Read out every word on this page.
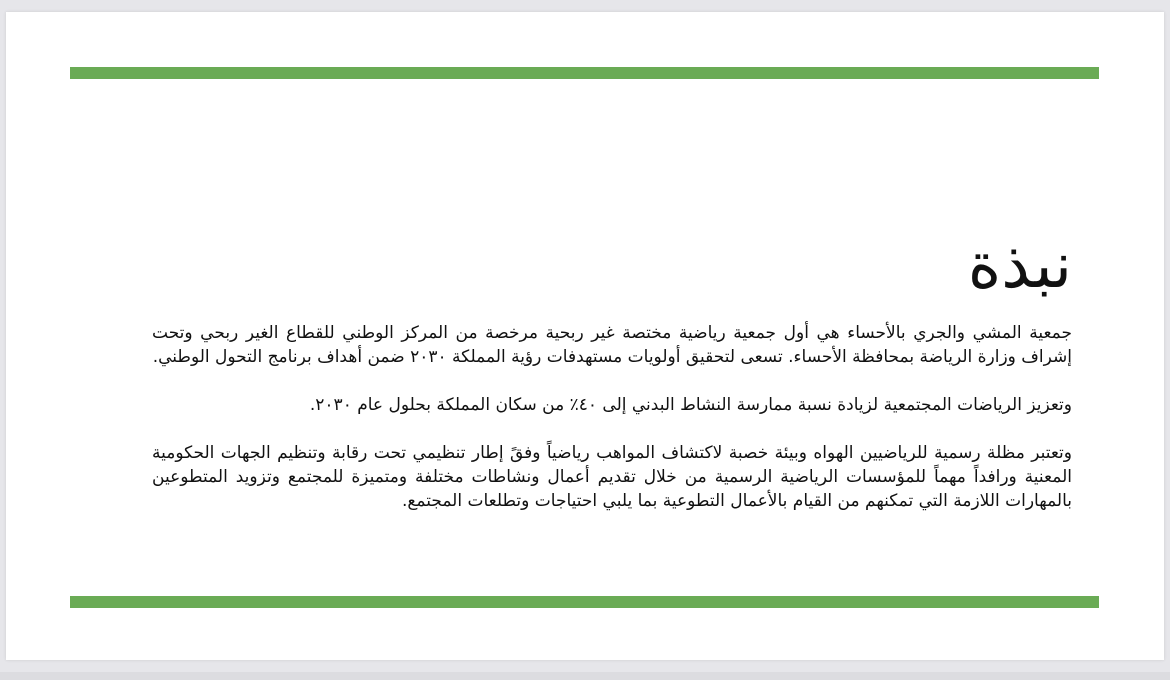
نبذة

جمعية المشي والجري بالأحساء هي أول جمعية رياضية مختصة غير ربحية مرخصة من المركز الوطني للقطاع الغير ربحي وتحت إشراف وزارة الرياضة بمحافظة الأحساء. تسعى لتحقيق أولويات مستهدفات رؤية المملكة ٢٠٣٠ ضمن أهداف برنامج التحول الوطني.

وتعزيز الرياضات المجتمعية لزيادة نسبة ممارسة النشاط البدني إلى ٤٠٪ من سكان المملكة بحلول عام ٢٠٣٠.

وتعتبر مظلة رسمية للرياضيين الهواه وبيئة خصبة لاكتشاف المواهب رياضياً وفقً إطار تنظيمي تحت رقابة وتنظيم الجهات الحكومية المعنية ورافداً مهماً للمؤسسات الرياضية الرسمية من خلال تقديم أعمال ونشاطات مختلفة ومتميزة للمجتمع وتزويد المتطوعين بالمهارات اللازمة التي تمكنهم من القيام بالأعمال التطوعية بما يلبي احتياجات وتطلعات المجتمع.
